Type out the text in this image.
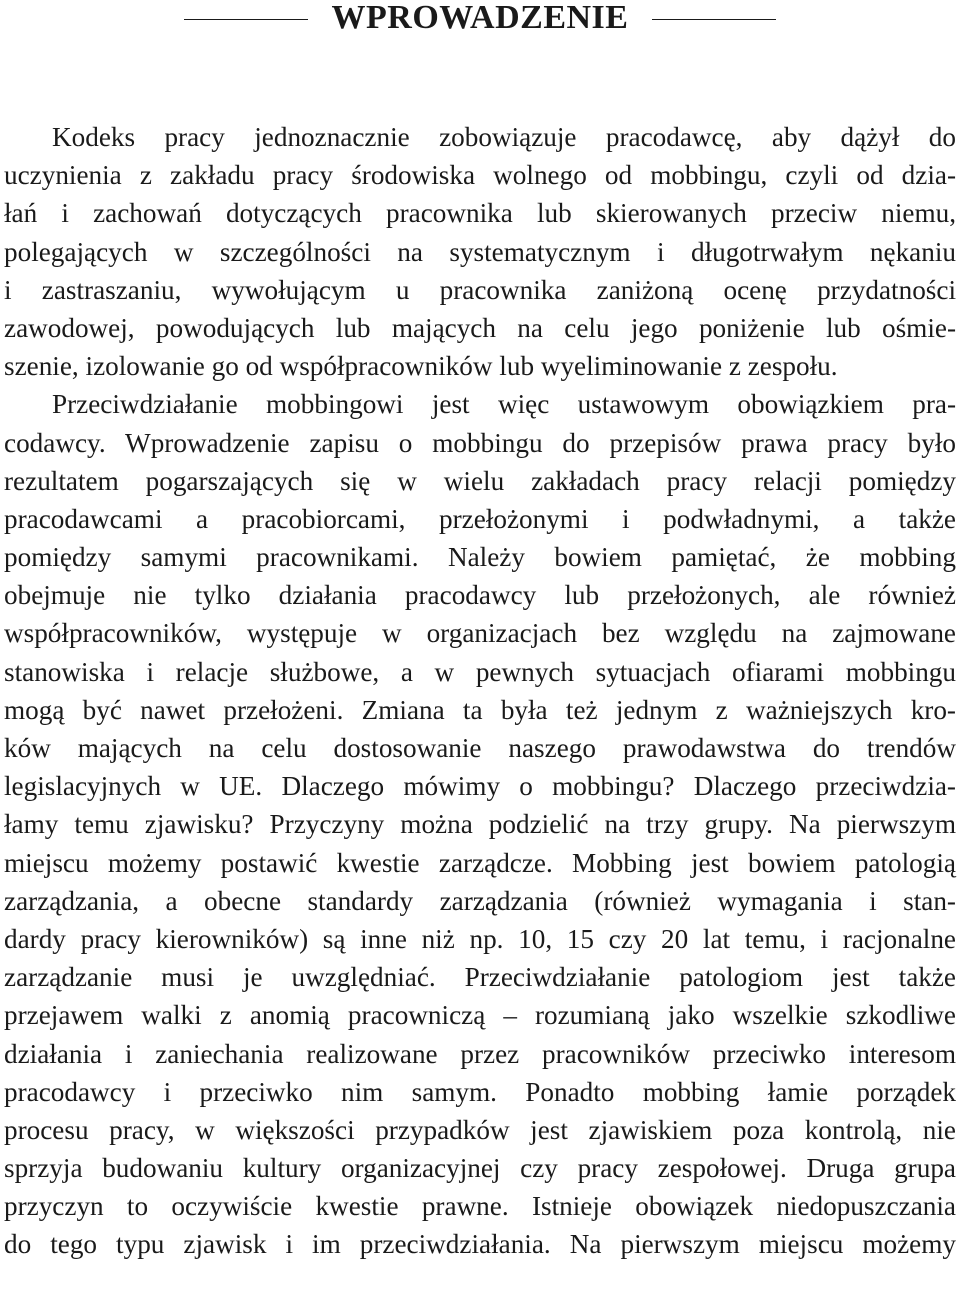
WPROWADZENIE
Kodeks pracy jednoznacznie zobowiązuje pracodawcę, aby dążył do
uczynienia z zakładu pracy środowiska wolnego od mobbingu, czyli od dzia-
łań i zachowań dotyczących pracownika lub skierowanych przeciw niemu,
polegających w szczególności na systematycznym i długotrwałym nękaniu
i zastraszaniu, wywołującym u pracownika zaniżoną ocenę przydatności
zawodowej, powodujących lub mających na celu jego poniżenie lub ośmie-
szenie, izolowanie go od współpracowników lub wyeliminowanie z zespołu.
Przeciwdziałanie mobbingowi jest więc ustawowym obowiązkiem pra-
codawcy. Wprowadzenie zapisu o mobbingu do przepisów prawa pracy było
rezultatem pogarszających się w wielu zakładach pracy relacji pomiędzy
pracodawcami a pracobiorcami, przełożonymi i podwładnymi, a także
pomiędzy samymi pracownikami. Należy bowiem pamiętać, że mobbing
obejmuje nie tylko działania pracodawcy lub przełożonych, ale również
współpracowników, występuje w organizacjach bez względu na zajmowane
stanowiska i relacje służbowe, a w pewnych sytuacjach ofiarami mobbingu
mogą być nawet przełożeni. Zmiana ta była też jednym z ważniejszych kro-
ków mających na celu dostosowanie naszego prawodawstwa do trendów
legislacyjnych w UE. Dlaczego mówimy o mobbingu? Dlaczego przeciwdzia-
łamy temu zjawisku? Przyczyny można podzielić na trzy grupy. Na pierwszym
miejscu możemy postawić kwestie zarządcze. Mobbing jest bowiem patologią
zarządzania, a obecne standardy zarządzania (również wymagania i stan-
dardy pracy kierowników) są inne niż np. 10, 15 czy 20 lat temu, i racjonalne
zarządzanie musi je uwzględniać. Przeciwdziałanie patologiom jest także
przejawem walki z anomią pracowniczą – rozumianą jako wszelkie szkodliwe
działania i zaniechania realizowane przez pracowników przeciwko interesom
pracodawcy i przeciwko nim samym. Ponadto mobbing łamie porządek
procesu pracy, w większości przypadków jest zjawiskiem poza kontrolą, nie
sprzyja budowaniu kultury organizacyjnej czy pracy zespołowej. Druga grupa
przyczyn to oczywiście kwestie prawne. Istnieje obowiązek niedopuszczania
do tego typu zjawisk i im przeciwdziałania. Na pierwszym miejscu możemy
